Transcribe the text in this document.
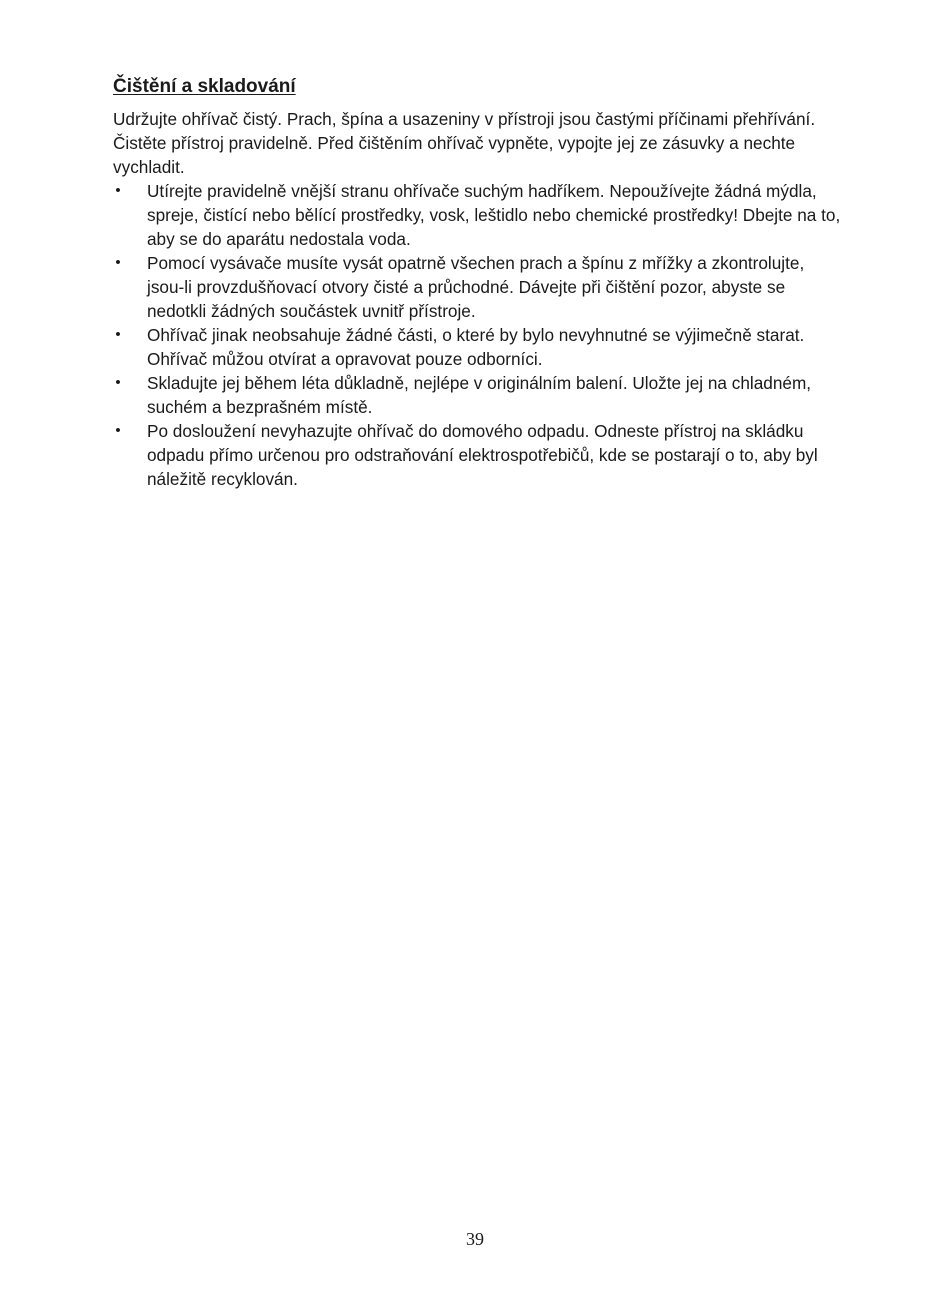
Čištění a skladování

Udržujte ohřívač čistý. Prach, špína a usazeniny v přístroji jsou častými příčinami přehřívání. Čistěte přístroj pravidelně. Před čištěním ohřívač vypněte, vypojte jej ze zásuvky a nechte vychladit.

• Utírejte pravidelně vnější stranu ohřívače suchým hadříkem. Nepoužívejte žádná mýdla, spreje, čistící nebo bělící prostředky, vosk, leštidlo nebo chemické prostředky! Dbejte na to, aby se do aparátu nedostala voda.
• Pomocí vysávače musíte vysát opatrně všechen prach a špínu z mřížky a zkontrolujte, jsou-li provzdušňovací otvory čisté a průchodné. Dávejte při čištění pozor, abyste se nedotkli žádných součástek uvnitř přístroje.
• Ohřívač jinak neobsahuje žádné části, o které by bylo nevyhnutné se výjimečně starat. Ohřívač můžou otvírat a opravovat pouze odborníci.
• Skladujte jej během léta důkladně, nejlépe v originálním balení. Uložte jej na chladném, suchém a bezprašném místě.
• Po dosloužení nevyhazujte ohřívač do domového odpadu. Odneste přístroj na skládku odpadu přímo určenou pro odstraňování elektrospotřebičů, kde se postarají o to, aby byl náležitě recyklován.
39
